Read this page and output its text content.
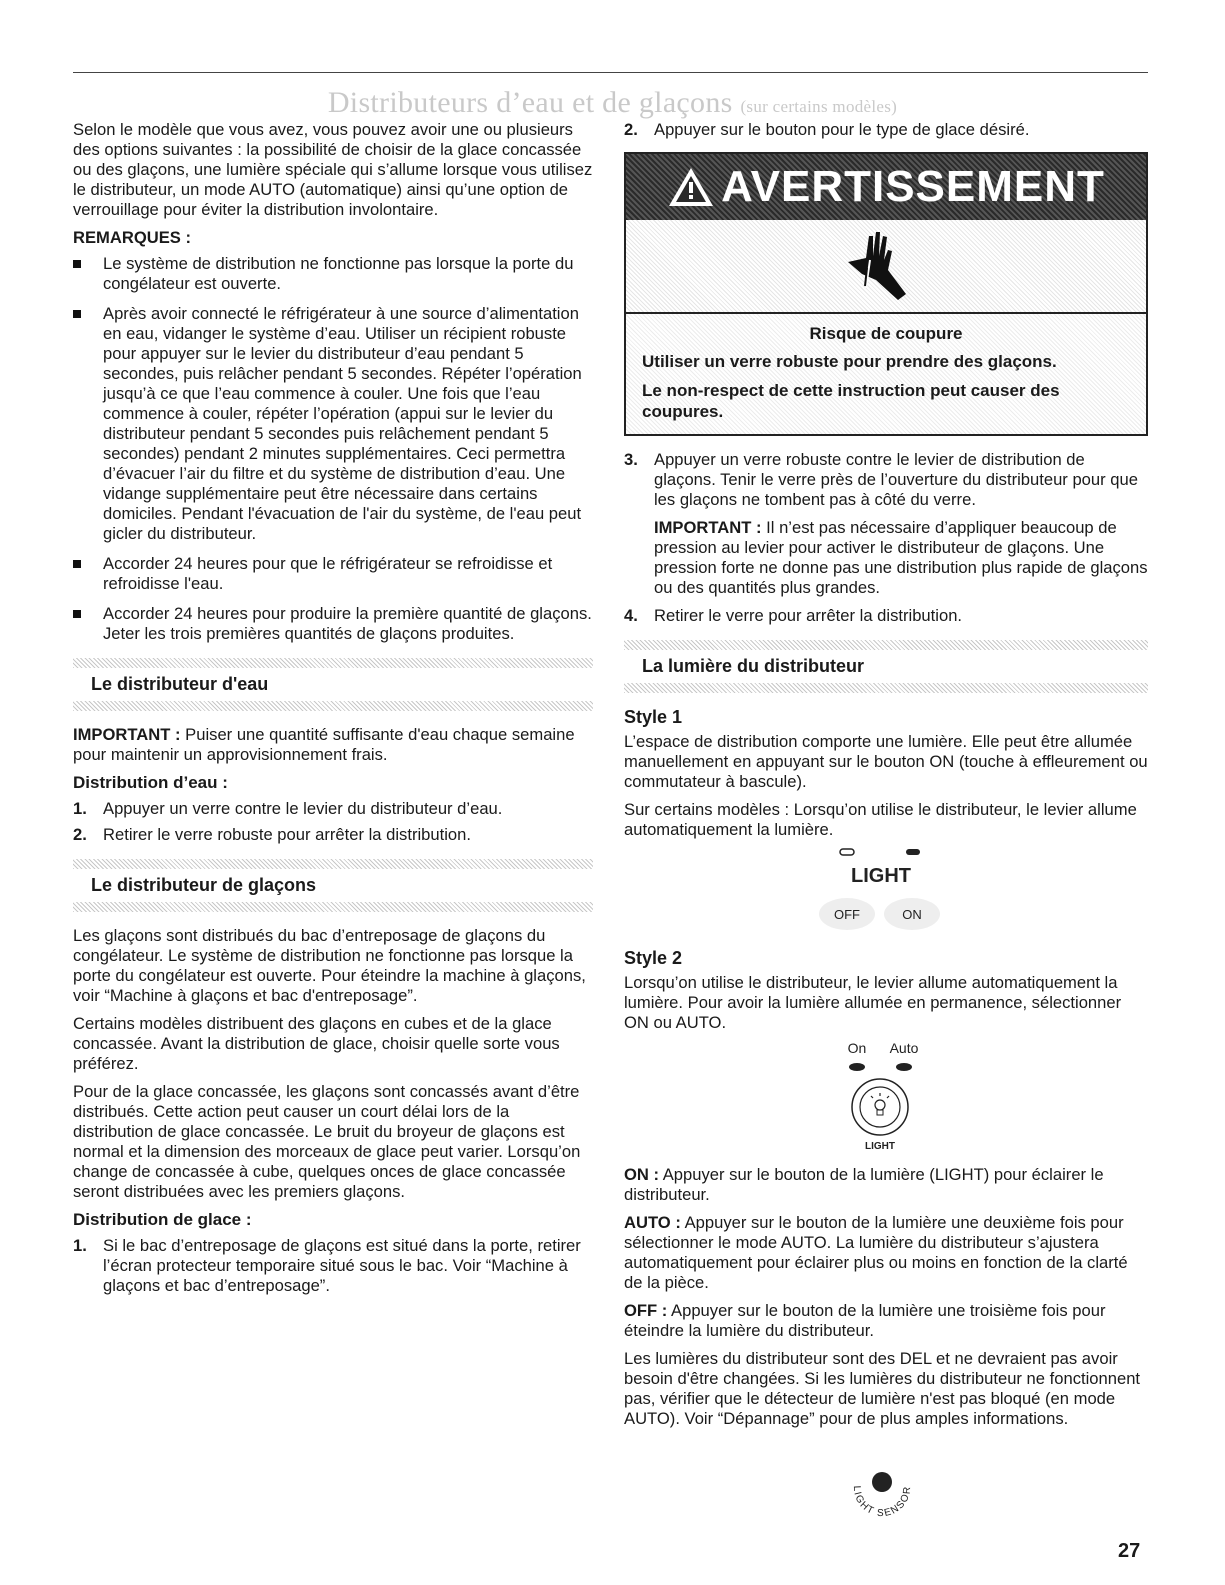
Distributeurs d’eau et de glaçons (sur certains modèles)

Selon le modèle que vous avez, vous pouvez avoir une ou plusieurs des options suivantes : la possibilité de choisir de la glace concassée ou des glaçons, une lumière spéciale qui s’allume lorsque vous utilisez le distributeur, un mode AUTO (automatique) ainsi qu’une option de verrouillage pour éviter la distribution involontaire.

REMARQUES :

Le système de distribution ne fonctionne pas lorsque la porte du congélateur est ouverte.
Après avoir connecté le réfrigérateur à une source d’alimentation en eau, vidanger le système d’eau. Utiliser un récipient robuste pour appuyer sur le levier du distributeur d’eau pendant 5 secondes, puis relâcher pendant 5 secondes. Répéter l’opération jusqu’à ce que l’eau commence à couler. Une fois que l’eau commence à couler, répéter l’opération (appui sur le levier du distributeur pendant 5 secondes puis relâchement pendant 5 secondes) pendant 2 minutes supplémentaires. Ceci permettra d’évacuer l’air du filtre et du système de distribution d’eau. Une vidange supplémentaire peut être nécessaire dans certains domiciles. Pendant l'évacuation de l'air du système, de l'eau peut gicler du distributeur.
Accorder 24 heures pour que le réfrigérateur se refroidisse et refroidisse l'eau.
Accorder 24 heures pour produire la première quantité de glaçons. Jeter les trois premières quantités de glaçons produites.
Le distributeur d'eau

IMPORTANT : Puiser une quantité suffisante d'eau chaque semaine pour maintenir un approvisionnement frais.

Distribution d’eau :
1. Appuyer un verre contre le levier du distributeur d’eau.
2. Retirer le verre robuste pour arrêter la distribution.
Le distributeur de glaçons

Les glaçons sont distribués du bac d’entreposage de glaçons du congélateur. Le système de distribution ne fonctionne pas lorsque la porte du congélateur est ouverte. Pour éteindre la machine à glaçons, voir “Machine à glaçons et bac d'entreposage”.

Certains modèles distribuent des glaçons en cubes et de la glace concassée. Avant la distribution de glace, choisir quelle sorte vous préférez.

Pour de la glace concassée, les glaçons sont concassés avant d’être distribués. Cette action peut causer un court délai lors de la distribution de glace concassée. Le bruit du broyeur de glaçons est normal et la dimension des morceaux de glace peut varier. Lorsqu’on change de concassée à cube, quelques onces de glace concassée seront distribuées avec les premiers glaçons.

Distribution de glace :
1. Si le bac d’entreposage de glaçons est situé dans la porte, retirer l’écran protecteur temporaire situé sous le bac. Voir “Machine à glaçons et bac d’entreposage”.
2. Appuyer sur le bouton pour le type de glace désiré.
AVERTISSEMENT
Risque de coupure
Utiliser un verre robuste pour prendre des glaçons.
Le non-respect de cette instruction peut causer des coupures.
3. Appuyer un verre robuste contre le levier de distribution de glaçons. Tenir le verre près de l’ouverture du distributeur pour que les glaçons ne tombent pas à côté du verre.

IMPORTANT : Il n’est pas nécessaire d’appliquer beaucoup de pression au levier pour activer le distributeur de glaçons. Une pression forte ne donne pas une distribution plus rapide de glaçons ou des quantités plus grandes.

4. Retirer le verre pour arrêter la distribution.
La lumière du distributeur
Style 1

L’espace de distribution comporte une lumière. Elle peut être allumée manuellement en appuyant sur le bouton ON (touche à effleurement ou commutateur à bascule).

Sur certains modèles : Lorsqu’on utilise le distributeur, le levier allume automatiquement la lumière.

LIGHT
OFF	ON
Style 2

Lorsqu’on utilise le distributeur, le levier allume automatiquement la lumière. Pour avoir la lumière allumée en permanence, sélectionner ON ou AUTO.

On Auto
LIGHT

ON : Appuyer sur le bouton de la lumière (LIGHT) pour éclairer le distributeur.

AUTO : Appuyer sur le bouton de la lumière une deuxième fois pour sélectionner le mode AUTO. La lumière du distributeur s’ajustera automatiquement pour éclairer plus ou moins en fonction de la clarté de la pièce.

OFF : Appuyer sur le bouton de la lumière une troisième fois pour éteindre la lumière du distributeur.

Les lumières du distributeur sont des DEL et ne devraient pas avoir besoin d'être changées. Si les lumières du distributeur ne fonctionnent pas, vérifier que le détecteur de lumière n'est pas bloqué (en mode AUTO). Voir “Dépannage” pour de plus amples informations.

LIGHT SENSOR
27
